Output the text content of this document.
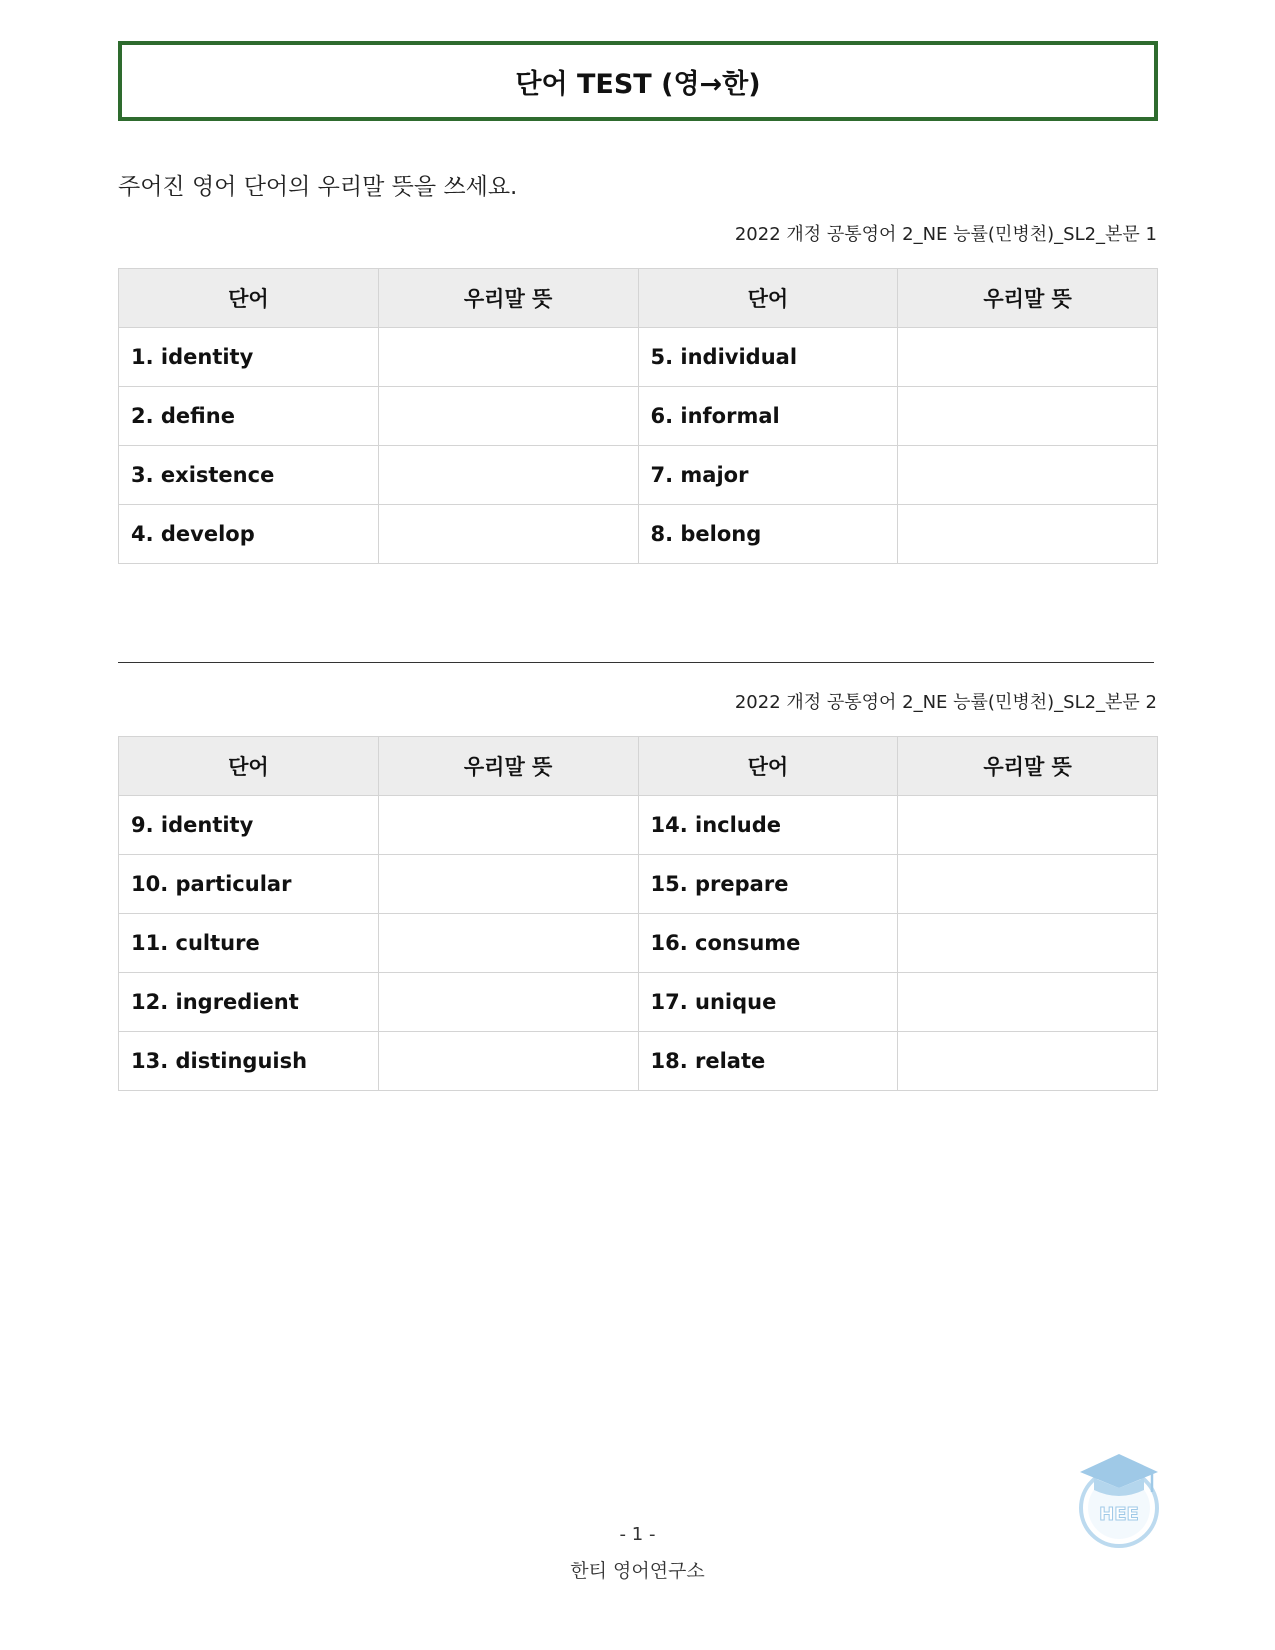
단어 TEST (영→한)
주어진 영어 단어의 우리말 뜻을 쓰세요.
2022 개정 공통영어 2_NE 능률(민병천)_SL2_본문 1
단어	우리말 뜻	단어	우리말 뜻
1. identity		5. individual	
2. define		6. informal	
3. existence		7. major	
4. develop		8. belong	
2022 개정 공통영어 2_NE 능률(민병천)_SL2_본문 2
단어	우리말 뜻	단어	우리말 뜻
9. identity		14. include	
10. particular		15. prepare	
11. culture		16. consume	
12. ingredient		17. unique	
13. distinguish		18. relate	
- 1 -
한티 영어연구소
HEE
